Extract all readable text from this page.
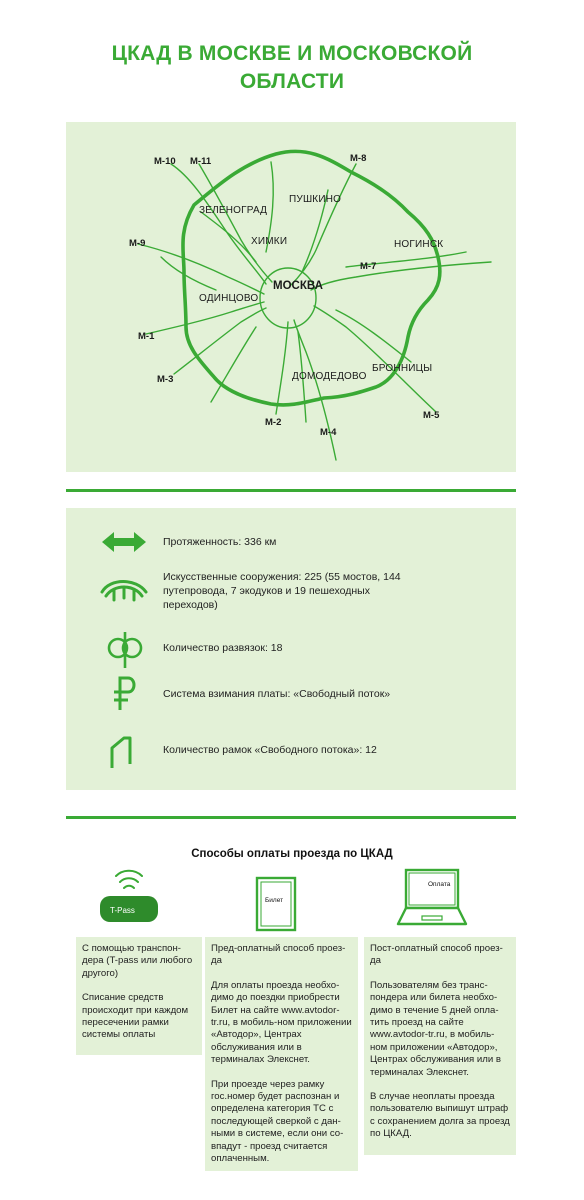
ЦКАД В МОСКВЕ И МОСКОВСКОЙ
ОБЛАСТИ
М-10 М-11	М-8
М-9
М-7
М-1
М-3
М-2
М-4
М-5
ЗЕЛЕНОГРАД
ПУШКИНО
ХИМКИ	НОГИНСК
ОДИНЦОВО
ДОМОДЕДОВО
БРОННИЦЫ
МОСКВА
Протяженность: 336 км
Искусственные сооружения: 225 (55 мостов, 144 путепровода, 7 экодуков и 19 пешеходных переходов)
Количество развязок: 18
Система взимания платы: «Свободный поток»
Количество рамок «Свободного потока»: 12
Способы оплаты проезда по ЦКАД
T-Pass
Билет
Оплата

С помощью транспон-дера (T-pass или любого другого)

Списание средств происходит при каждом пересечении рамки системы оплаты

Пред-оплатный способ проез-да

Для оплаты проезда необхо-димо до поездки приобрести Билет на сайте www.avtodor-tr.ru, в мобиль-ном приложении «Автодор», Центрах обслуживания или в терминалах Элекснет.

При проезде через рамку гос.номер будет распознан и определена категория ТС с последующей сверкой с дан-ными в системе, если они со-впадут - проезд считается оплаченным.

Пост-оплатный способ проез-да

Пользователям без транс-пондера или билета необхо-димо в течение 5 дней опла-тить проезд на сайте www.avtodor-tr.ru, в мобиль-ном приложении «Автодор», Центрах обслуживания или в терминалах Элекснет.

В случае неоплаты проезда пользователю выпишут штраф с сохранением долга за проезд по ЦКАД.
